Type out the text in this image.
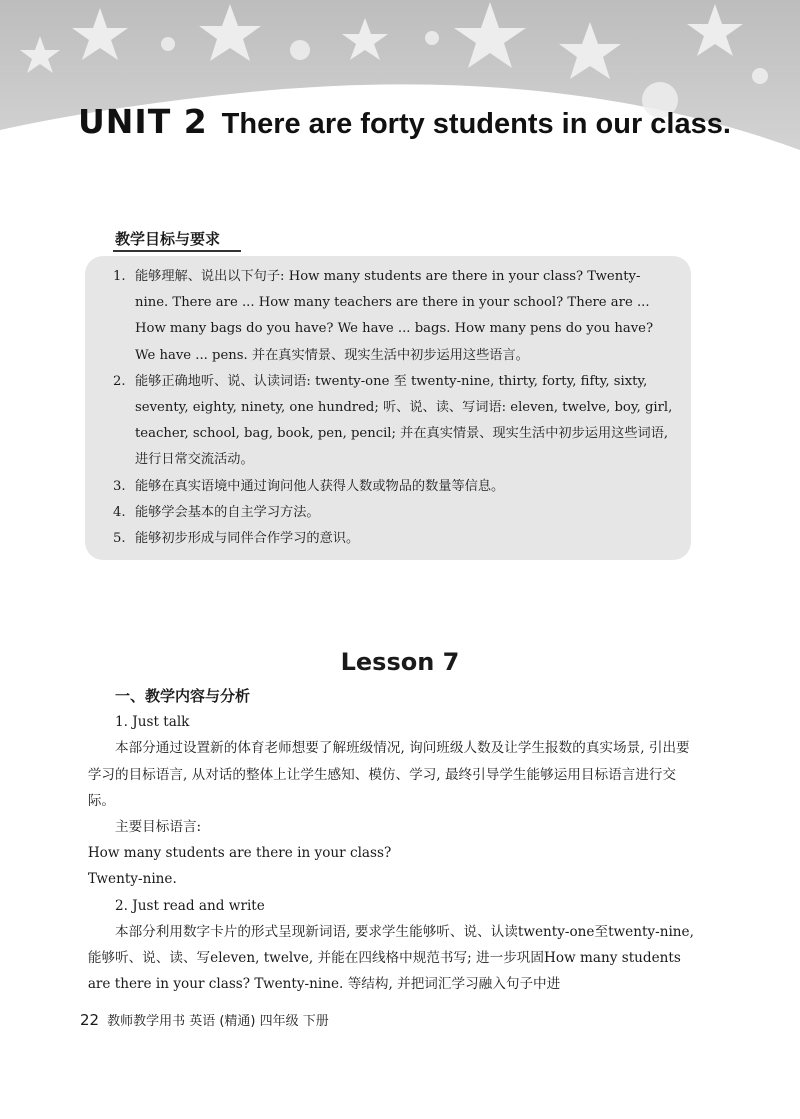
UNIT 2 There are forty students in our class.
教学目标与要求
1. 能够理解、说出以下句子: How many students are there in your class? Twenty-nine. There are ... How many teachers are there in your school? There are ... How many bags do you have? We have ... bags. How many pens do you have? We have ... pens. 并在真实情景、现实生活中初步运用这些语言。
2. 能够正确地听、说、认读词语: twenty-one 至 twenty-nine, thirty, forty, fifty, sixty, seventy, eighty, ninety, one hundred; 听、说、读、写词语: eleven, twelve, boy, girl, teacher, school, bag, book, pen, pencil; 并在真实情景、现实生活中初步运用这些词语, 进行日常交流活动。
3. 能够在真实语境中通过询问他人获得人数或物品的数量等信息。
4. 能够学会基本的自主学习方法。
5. 能够初步形成与同伴合作学习的意识。
Lesson 7

一、教学内容与分析

1. Just talk

本部分通过设置新的体育老师想要了解班级情况, 询问班级人数及让学生报数的真实场景, 引出要学习的目标语言, 从对话的整体上让学生感知、模仿、学习, 最终引导学生能够运用目标语言进行交际。

主要目标语言:

How many students are there in your class?

Twenty-nine.

2. Just read and write

本部分利用数字卡片的形式呈现新词语, 要求学生能够听、说、认读twenty-one至twenty-nine, 能够听、说、读、写eleven, twelve, 并能在四线格中规范书写; 进一步巩固How many students are there in your class? Twenty-nine. 等结构, 并把词汇学习融入句子中进

22 教师教学用书 英语 (精通) 四年级 下册
